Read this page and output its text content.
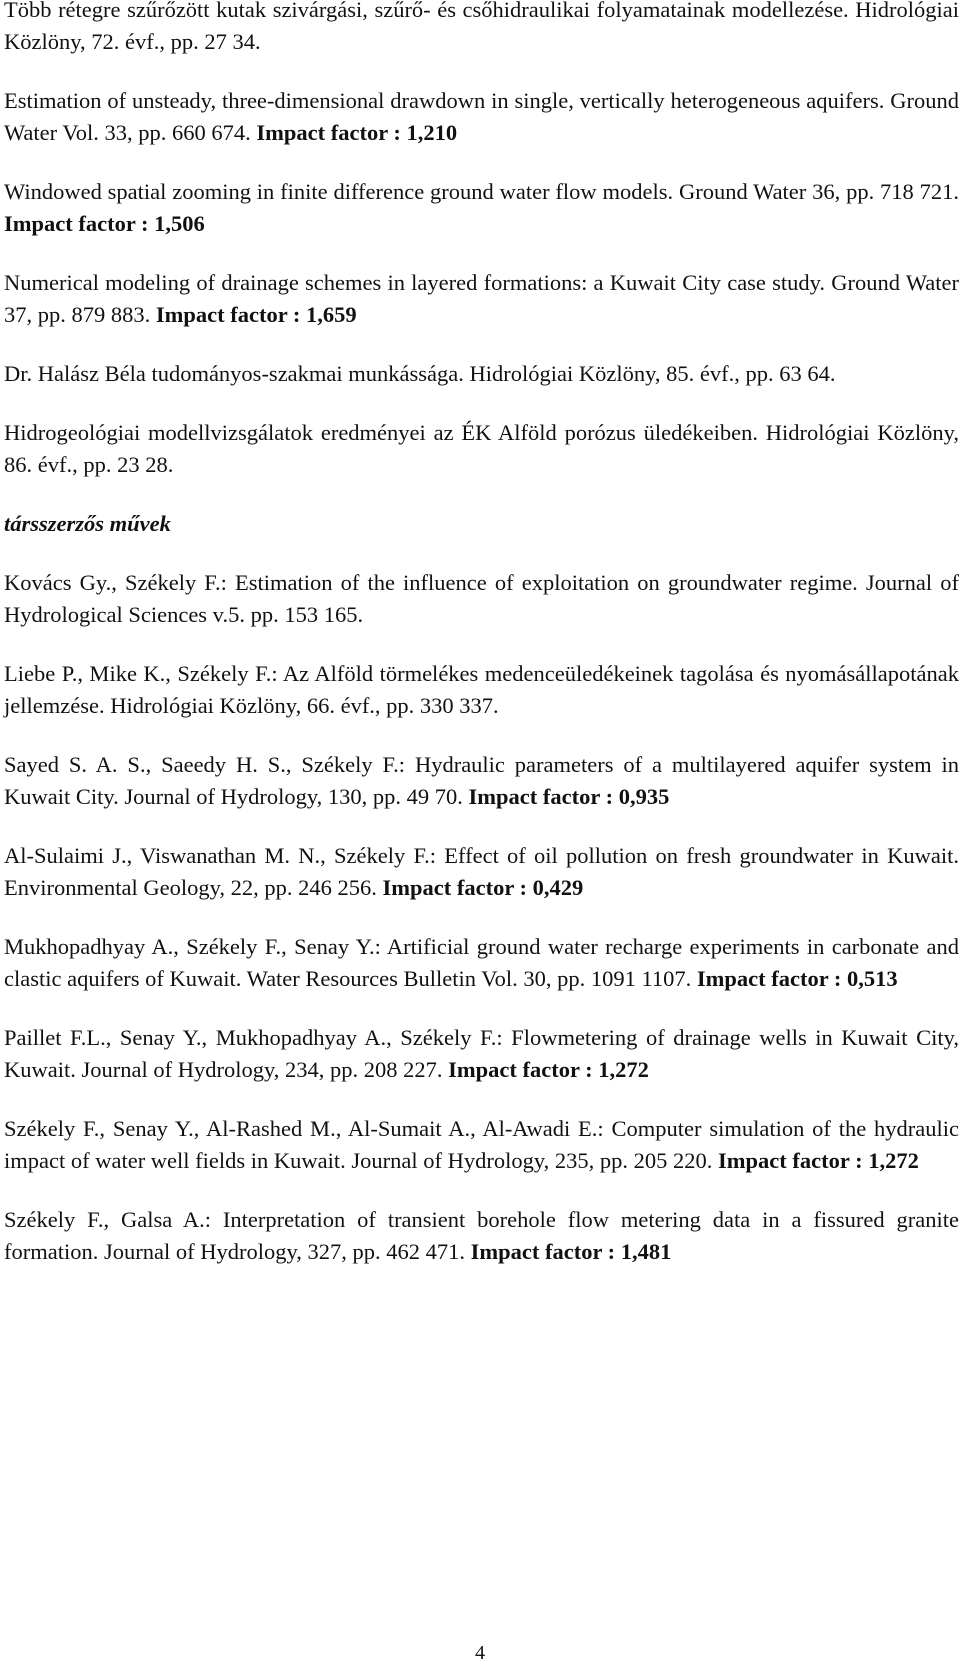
Több rétegre szűrőzött kutak szivárgási, szűrő- és csőhidraulikai folyamatainak modellezése. Hidrológiai Közlöny, 72. évf., pp. 27 34.

Estimation of unsteady, three-dimensional drawdown in single, vertically heterogeneous aquifers. Ground Water Vol. 33, pp. 660 674. Impact factor : 1,210

Windowed spatial zooming in finite difference ground water flow models. Ground Water 36, pp. 718 721. Impact factor : 1,506

Numerical modeling of drainage schemes in layered formations: a Kuwait City case study. Ground Water 37, pp. 879 883. Impact factor : 1,659

Dr. Halász Béla tudományos-szakmai munkássága. Hidrológiai Közlöny, 85. évf., pp. 63 64.

Hidrogeológiai modellvizsgálatok eredményei az ÉK Alföld porózus üledékeiben. Hidrológiai Közlöny, 86. évf., pp. 23 28.

társszerzős művek

Kovács Gy., Székely F.: Estimation of the influence of exploitation on groundwater regime. Journal of Hydrological Sciences v.5. pp. 153 165.

Liebe P., Mike K., Székely F.: Az Alföld törmelékes medenceüledékeinek tagolása és nyomásállapotának jellemzése. Hidrológiai Közlöny, 66. évf., pp. 330 337.

Sayed S. A. S., Saeedy H. S., Székely F.: Hydraulic parameters of a multilayered aquifer system in Kuwait City. Journal of Hydrology, 130, pp. 49 70. Impact factor : 0,935

Al-Sulaimi J., Viswanathan M. N., Székely F.: Effect of oil pollution on fresh groundwater in Kuwait. Environmental Geology, 22, pp. 246 256. Impact factor : 0,429

Mukhopadhyay A., Székely F., Senay Y.: Artificial ground water recharge experiments in carbonate and clastic aquifers of Kuwait. Water Resources Bulletin Vol. 30, pp. 1091 1107. Impact factor : 0,513

Paillet F.L., Senay Y., Mukhopadhyay A., Székely F.: Flowmetering of drainage wells in Kuwait City, Kuwait. Journal of Hydrology, 234, pp. 208 227. Impact factor : 1,272

Székely F., Senay Y., Al-Rashed M., Al-Sumait A., Al-Awadi E.: Computer simulation of the hydraulic impact of water well fields in Kuwait. Journal of Hydrology, 235, pp. 205 220. Impact factor : 1,272

Székely F., Galsa A.: Interpretation of transient borehole flow metering data in a fissured granite formation. Journal of Hydrology, 327, pp. 462 471. Impact factor : 1,481

4
